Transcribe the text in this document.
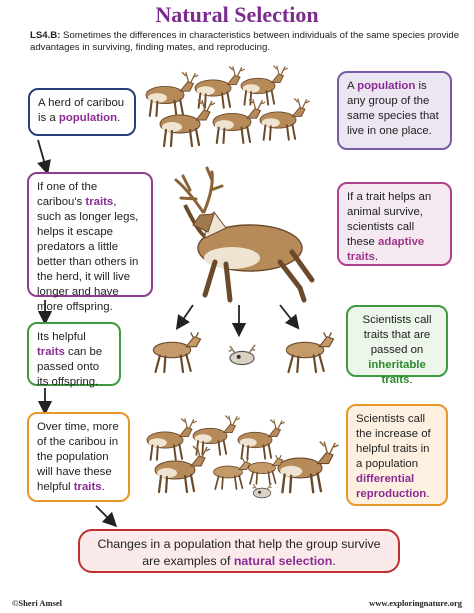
Natural Selection
LS4.B: Sometimes the differences in characteristics between individuals of the same species provide advantages in surviving, finding mates, and reproducing.
A herd of caribou is a population.
A population is any group of the same species that live in one place.
If one of the caribou's traits, such as longer legs, helps it escape predators a little better than others in the herd, it will live longer and have more offspring.
If a trait helps an animal survive, scientists call these adaptive traits.
Its helpful traits can be passed onto its offspring.
Scientists call traits that are passed on inheritable traits.
Over time, more of the caribou in the population will have these helpful traits.
Scientists call the increase of helpful traits in a population differential reproduction.
Changes in a population that help the group survive are examples of natural selection.
©Sheri Amsel	www.exploringnature.org
